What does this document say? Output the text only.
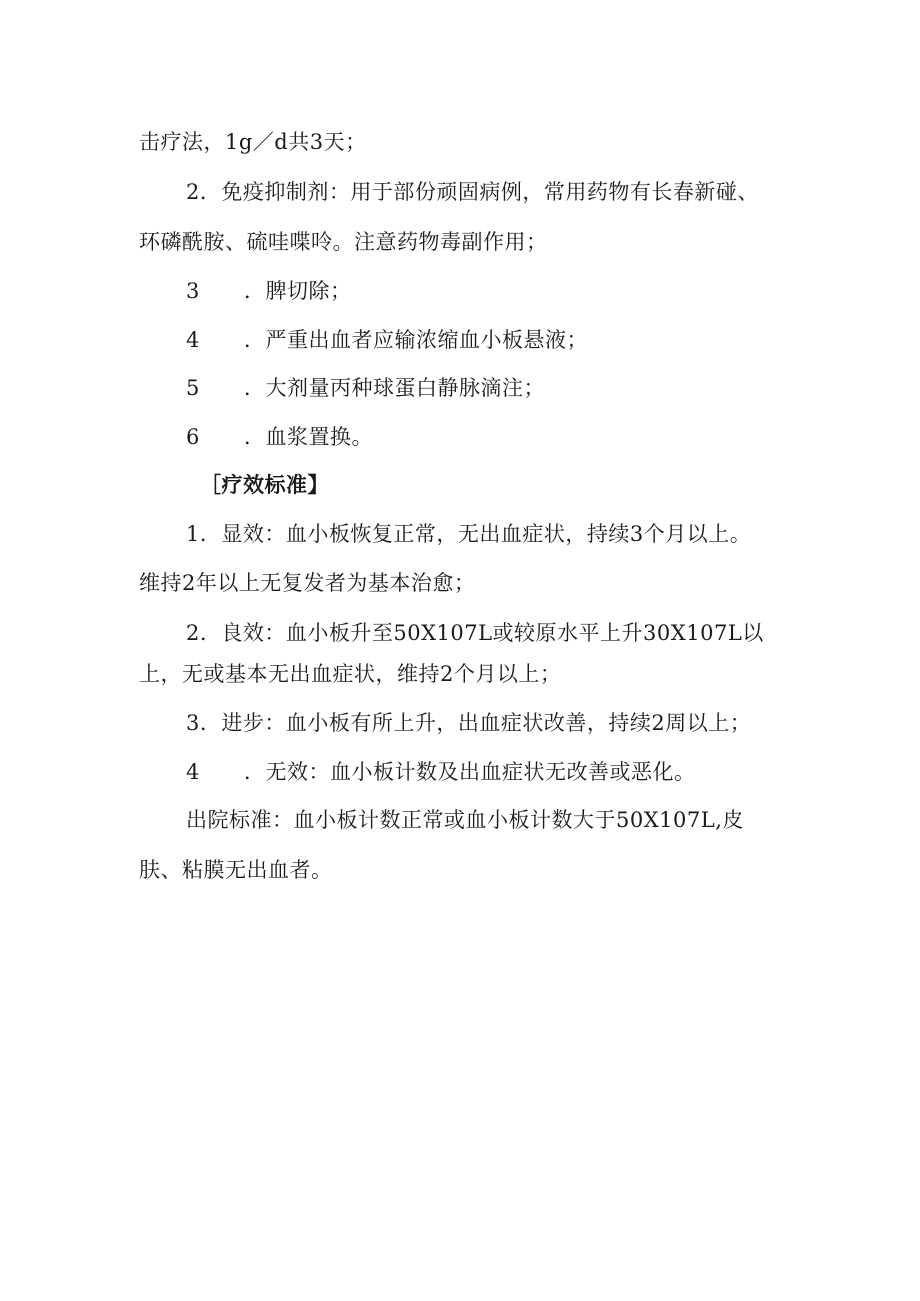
击疗法，1g／d共3天；
2．免疫抑制剂：用于部份顽固病例，常用药物有长春新碰、
环磷酰胺、硫哇喋呤。注意药物毒副作用；
3 ．脾切除；
4 ．严重出血者应输浓缩血小板悬液；
5 ．大剂量丙种球蛋白静脉滴注；
6 ．血浆置换。
［疗效标准】
1．显效：血小板恢复正常，无出血症状，持续3个月以上。
维持2年以上无复发者为基本治愈；
2．良效：血小板升至50X107L或较原水平上升30X107L以
上，无或基本无出血症状，维持2个月以上；
3．进步：血小板有所上升，出血症状改善，持续2周以上；
4 ．无效：血小板计数及出血症状无改善或恶化。
出院标准：血小板计数正常或血小板计数大于50X107L,皮
肤、粘膜无出血者。
